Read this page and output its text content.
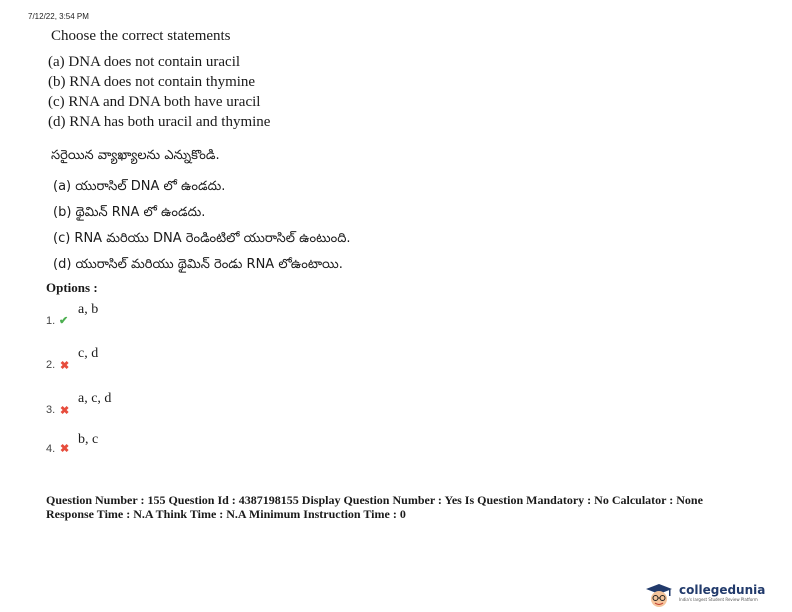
7/12/22, 3:54 PM
Choose the correct statements
(a) DNA does not contain uracil
(b) RNA does not contain thymine
(c) RNA and DNA both have uracil
(d) RNA has both uracil and thymine
సరైయిన వ్యాఖ్యాలను ఎన్నుకొండి.
(a) యురాసిల్ DNA లో ఉండదు.
(b) థైమిన్ RNA లో ఉండదు.
(c) RNA మరియు DNA రెండింటిలో యురాసిల్ ఉంటుంది.
(d) యురాసిల్ మరియు థైమిన్ రెండు RNA లోఉంటాయి.
Options :
1. ✔
a, b
2. ✖
c, d
3. ✖
a, c, d
4. ✖
b, c
Question Number : 155 Question Id : 4387198155 Display Question Number : Yes Is Question Mandatory : No Calculator : None
Response Time : N.A Think Time : N.A Minimum Instruction Time : 0
collegedunia
India's largest Student Review Platform
